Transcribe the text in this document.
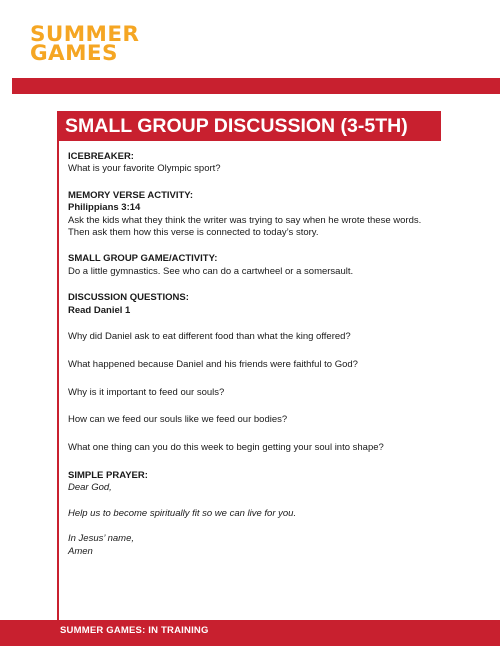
SUMMER
GAMES
SMALL GROUP DISCUSSION (3-5TH)
ICEBREAKER:
What is your favorite Olympic sport?
MEMORY VERSE ACTIVITY:
Philippians 3:14
Ask the kids what they think the writer was trying to say when he wrote these words.
Then ask them how this verse is connected to today’s story.
SMALL GROUP GAME/ACTIVITY:
Do a little gymnastics. See who can do a cartwheel or a somersault.
DISCUSSION QUESTIONS:
Read Daniel 1
Why did Daniel ask to eat different food than what the king offered?
What happened because Daniel and his friends were faithful to God?
Why is it important to feed our souls?
How can we feed our souls like we feed our bodies?
What one thing can you do this week to begin getting your soul into shape?
SIMPLE PRAYER:
Dear God,
Help us to become spiritually fit so we can live for you.
In Jesus’ name,
Amen
SUMMER GAMES: IN TRAINING
